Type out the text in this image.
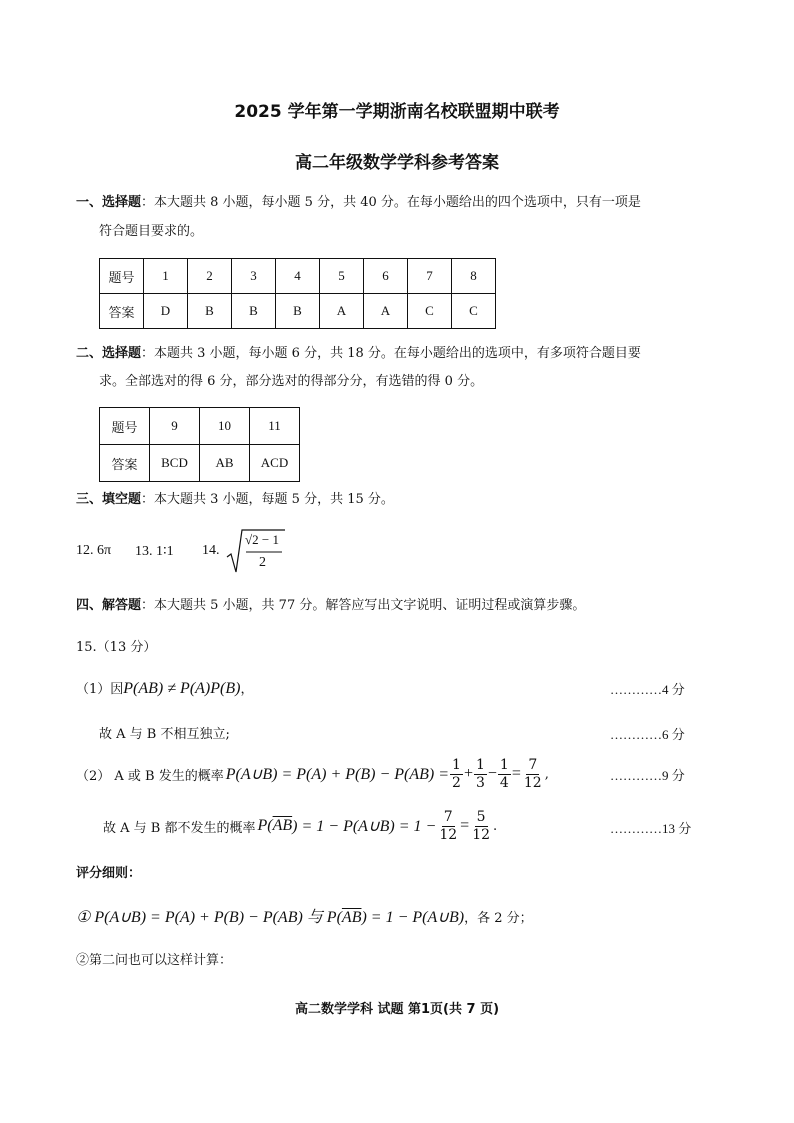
2025 学年第一学期浙南名校联盟期中联考
高二年级数学学科参考答案
一、选择题：本大题共 8 小题，每小题 5 分，共 40 分。在每小题给出的四个选项中，只有一项是
符合题目要求的。
题号	1	2	3	4	5	6	7	8
答案	D	B	B	B	A	A	C	C
二、选择题：本题共 3 小题，每小题 6 分，共 18 分。在每小题给出的选项中，有多项符合题目要
求。全部选对的得 6 分，部分选对的得部分分，有选错的得 0 分。
题号	9	10	11
答案	BCD	AB	ACD
三、填空题：本大题共 3 小题，每题 5 分，共 15 分。
12. 6π 13. 1∶1 14.
√2 − 1
2
四、解答题：本大题共 5 小题，共 77 分。解答应写出文字说明、证明过程或演算步骤。
15.（13 分）
（1）因P(AB) ≠ P(A)P(B)，	…………4 分
故 A 与 B 不相互独立;	…………6 分
（2） A 或 B 发生的概率 P(A∪B) = $P(A) + P(B) - P(AB) = \frac{1}{2} + \frac{1}{3} - \frac{1}{4} = \frac{7}{12}$ ,	…………9 分
故 A 与 B 都不发生的概率 P( $\overline{AB}$ ) = 1 − P(A∪B) = $1 - \frac{7}{12} = \frac{5}{12}$ .	…………13 分
评分细则：
① P(A∪B) = P(A) + P(B) − P(AB) 与 $P(\overline{AB}) = 1$ − P(A∪B)，各 2 分；
②第二问也可以这样计算：
高二数学学科 试题 第1页(共 7 页)
